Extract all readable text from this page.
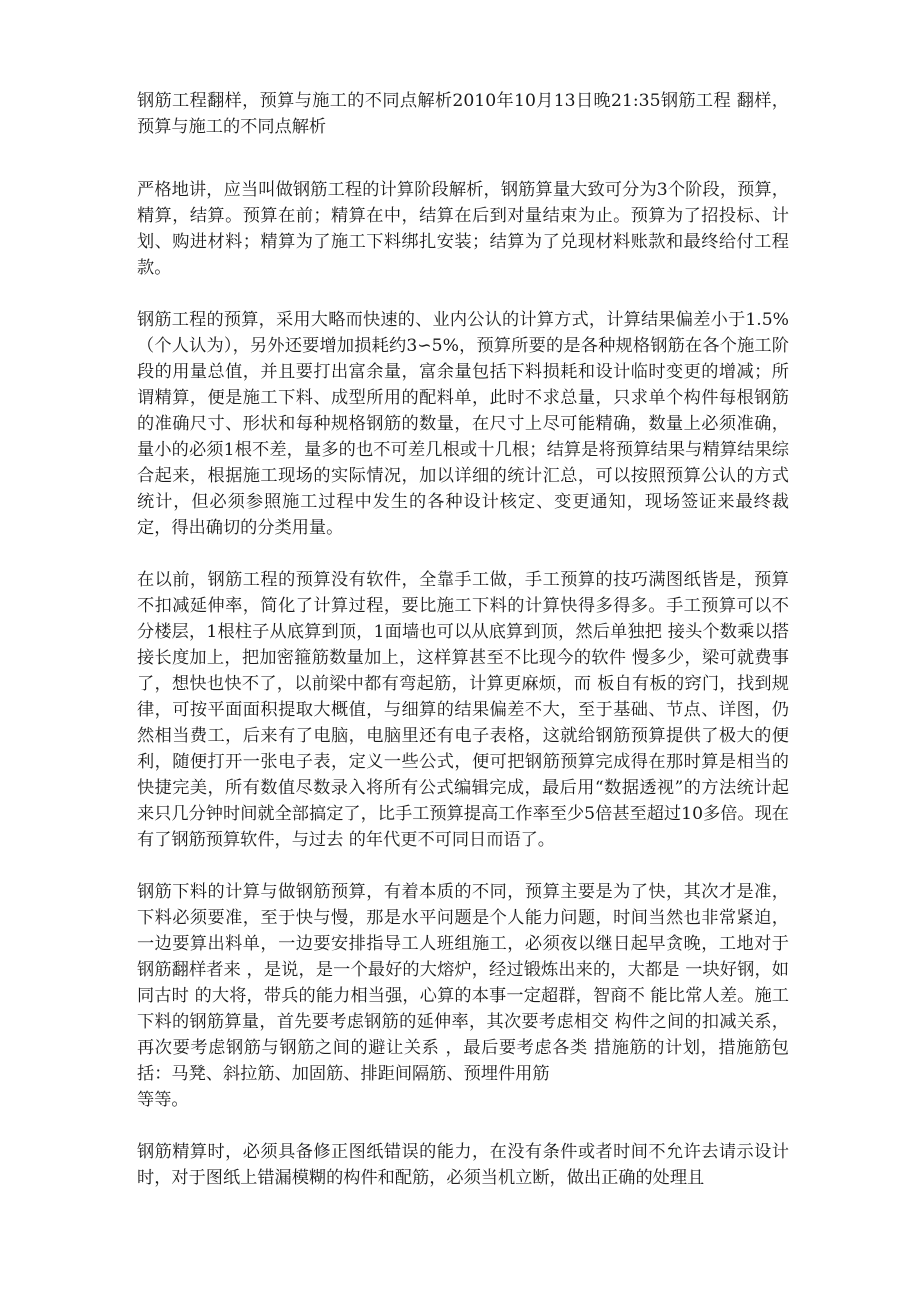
钢筋工程翻样，预算与施工的不同点解析2010年10月13日晚21:35钢筋工程 翻样，预算与施工的不同点解析

严格地讲，应当叫做钢筋工程的计算阶段解析，钢筋算量大致可分为3个阶段，预算，精算，结算。预算在前；精算在中，结算在后到对量结束为止。预算为了招投标、计划、购进材料；精算为了施工下料绑扎安装；结算为了兑现材料账款和最终给付工程款。

钢筋工程的预算，采用大略而快速的、业内公认的计算方式，计算结果偏差小于1.5% （个人认为），另外还要增加损耗约3∽5%，预算所要的是各种规格钢筋在各个施工阶段的用量总值，并且要打出富余量，富余量包括下料损耗和设计临时变更的增减；所谓精算，便是施工下料、成型所用的配料单，此时不求总量，只求单个构件每根钢筋的准确尺寸、形状和每种规格钢筋的数量，在尺寸上尽可能精确，数量上必须准确，量小的必须1根不差，量多的也不可差几根或十几根；结算是将预算结果与精算结果综合起来，根据施工现场的实际情况，加以详细的统计汇总，可以按照预算公认的方式统计，但必须参照施工过程中发生的各种设计核定、变更通知，现场签证来最终裁定，得出确切的分类用量。

在以前，钢筋工程的预算没有软件，全靠手工做，手工预算的技巧满图纸皆是，预算不扣减延伸率，简化了计算过程，要比施工下料的计算快得多得多。手工预算可以不分楼层，1根柱子从底算到顶，1面墙也可以从底算到顶，然后单独把 接头个数乘以搭接长度加上，把加密箍筋数量加上，这样算甚至不比现今的软件 慢多少，梁可就费事了，想快也快不了，以前梁中都有弯起筋，计算更麻烦，而 板自有板的窍门，找到规律，可按平面面积提取大概值，与细算的结果偏差不大，至于基础、节点、详图，仍然相当费工，后来有了电脑，电脑里还有电子表格，这就给钢筋预算提供了极大的便利，随便打开一张电子表，定义一些公式，便可把钢筋预算完成得在那时算是相当的快捷完美，所有数值尽数录入将所有公式编辑完成，最后用“数据透视”的方法统计起来只几分钟时间就全部搞定了，比手工预算提高工作率至少5倍甚至超过10多倍。现在有了钢筋预算软件，与过去 的年代更不可同日而语了。

钢筋下料的计算与做钢筋预算，有着本质的不同，预算主要是为了快，其次才是准，下料必须要准，至于快与慢，那是水平问题是个人能力问题，时间当然也非常紧迫，一边要算出料单，一边要安排指导工人班组施工，必须夜以继日起早贪晚，工地对于钢筋翻样者来 ，是说，是一个最好的大熔炉，经过锻炼出来的，大都是 一块好钢，如同古时 的大将，带兵的能力相当强，心算的本事一定超群，智商不 能比常人差。施工下料的钢筋算量，首先要考虑钢筋的延伸率，其次要考虑相交 构件之间的扣减关系，再次要考虑钢筋与钢筋之间的避让关系 ，最后要考虑各类 措施筋的计划，措施筋包括：马凳、斜拉筋、加固筋、排距间隔筋、预埋件用筋

等等。

钢筋精算时，必须具备修正图纸错误的能力，在没有条件或者时间不允许去请示设计时，对于图纸上错漏模糊的构件和配筋，必须当机立断，做出正确的处理且
